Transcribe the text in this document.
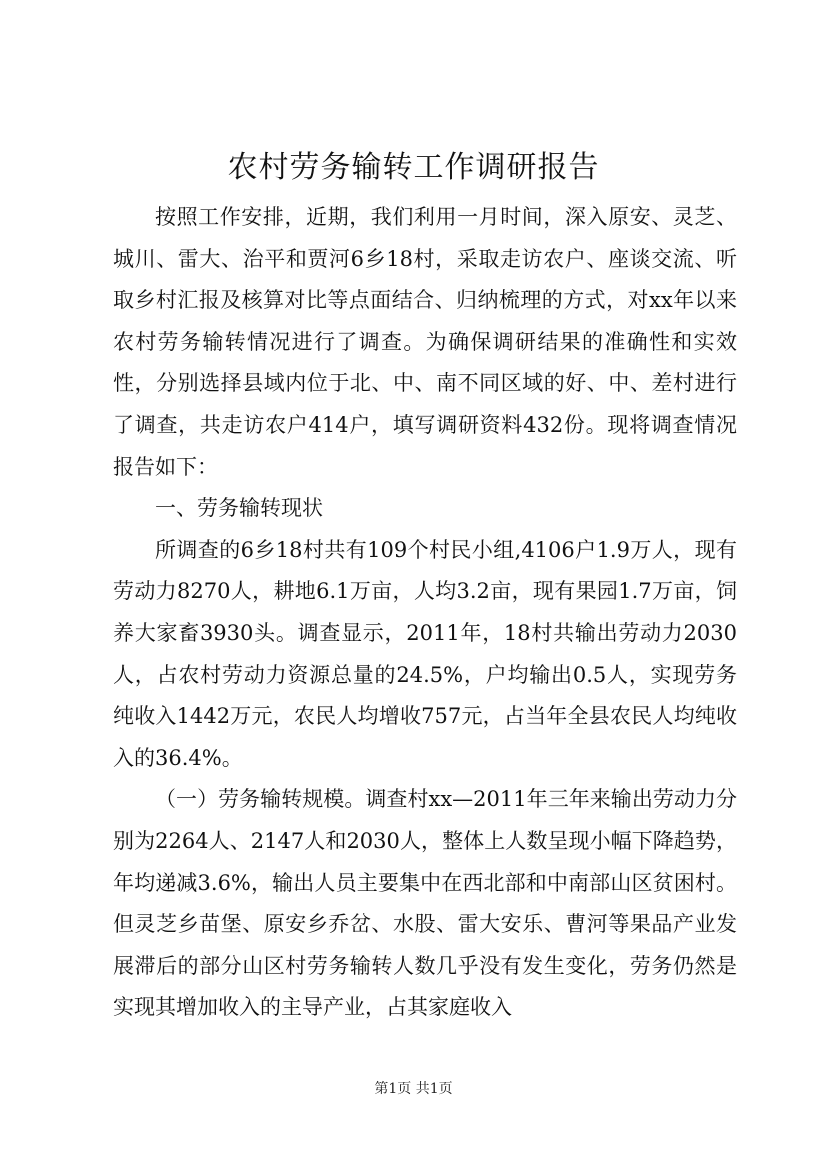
农村劳务输转工作调研报告

按照工作安排，近期，我们利用一月时间，深入原安、灵芝、城川、雷大、治平和贾河6乡18村，采取走访农户、座谈交流、听取乡村汇报及核算对比等点面结合、归纳梳理的方式，对xx年以来农村劳务输转情况进行了调查。为确保调研结果的准确性和实效性，分别选择县域内位于北、中、南不同区域的好、中、差村进行了调查，共走访农户414户，填写调研资料432份。现将调查情况报告如下：

一、劳务输转现状

所调查的6乡18村共有109个村民小组,4106户1.9万人，现有劳动力8270人，耕地6.1万亩，人均3.2亩，现有果园1.7万亩，饲养大家畜3930头。调查显示，2011年，18村共输出劳动力2030人，占农村劳动力资源总量的24.5%，户均输出0.5人，实现劳务纯收入1442万元，农民人均增收757元，占当年全县农民人均纯收入的36.4%。

（一）劳务输转规模。调查村xx—2011年三年来输出劳动力分别为2264人、2147人和2030人，整体上人数呈现小幅下降趋势，年均递减3.6%，输出人员主要集中在西北部和中南部山区贫困村。但灵芝乡苗堡、原安乡乔岔、水股、雷大安乐、曹河等果品产业发展滞后的部分山区村劳务输转人数几乎没有发生变化，劳务仍然是实现其增加收入的主导产业，占其家庭收入

第1页 共1页
